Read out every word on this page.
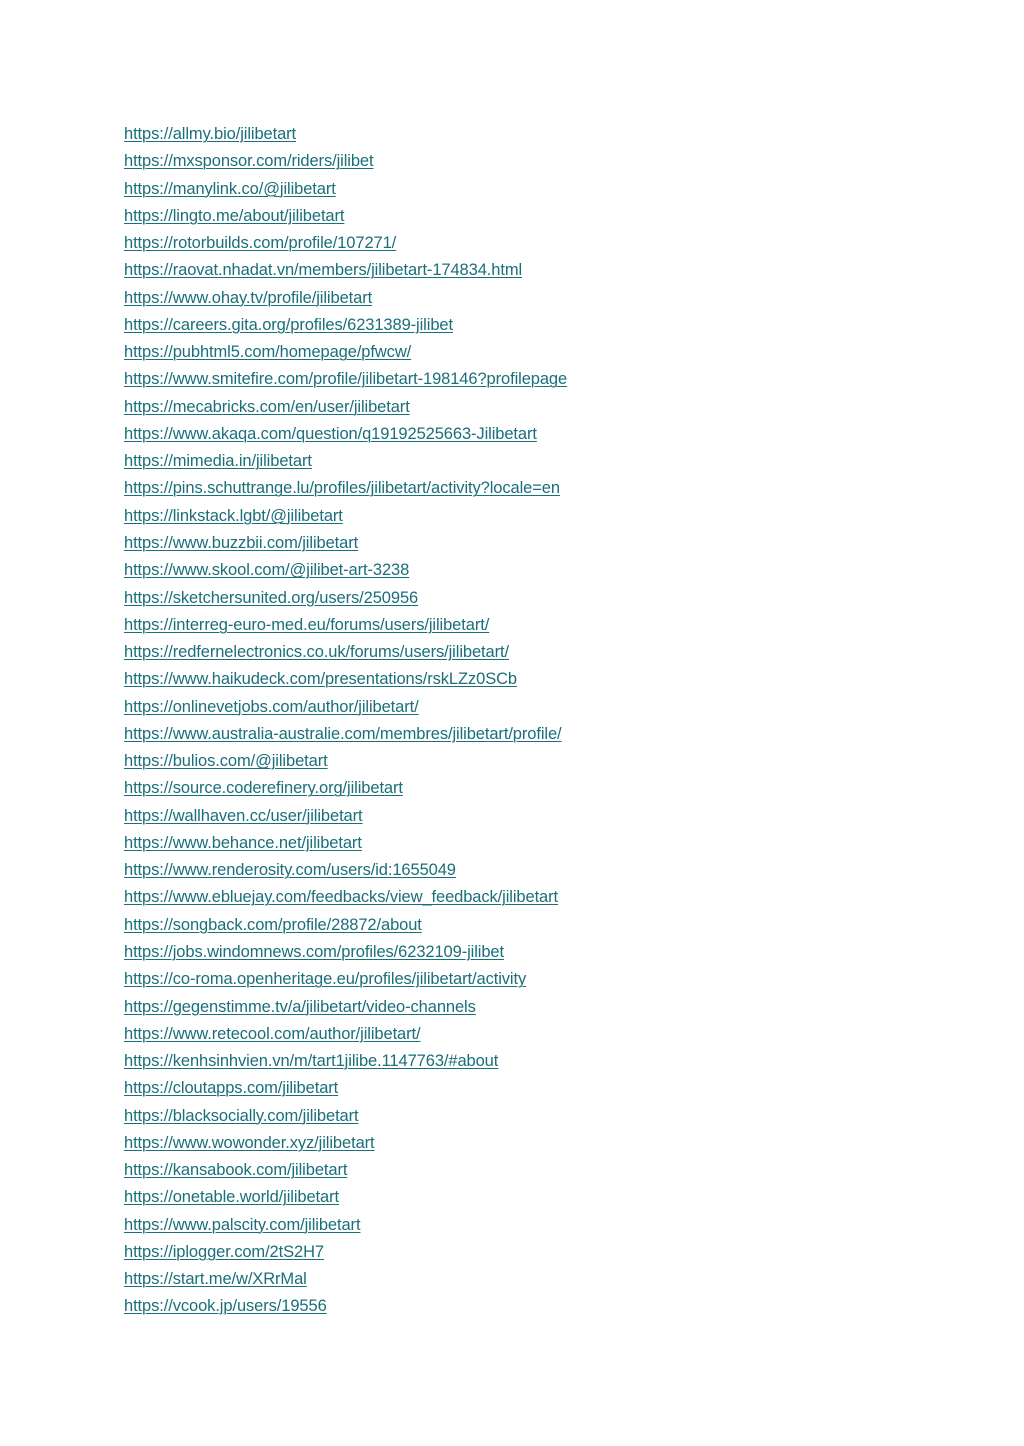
https://allmy.bio/jilibetart
https://mxsponsor.com/riders/jilibet
https://manylink.co/@jilibetart
https://lingto.me/about/jilibetart
https://rotorbuilds.com/profile/107271/
https://raovat.nhadat.vn/members/jilibetart-174834.html
https://www.ohay.tv/profile/jilibetart
https://careers.gita.org/profiles/6231389-jilibet
https://pubhtml5.com/homepage/pfwcw/
https://www.smitefire.com/profile/jilibetart-198146?profilepage
https://mecabricks.com/en/user/jilibetart
https://www.akaqa.com/question/q19192525663-Jilibetart
https://mimedia.in/jilibetart
https://pins.schuttrange.lu/profiles/jilibetart/activity?locale=en
https://linkstack.lgbt/@jilibetart
https://www.buzzbii.com/jilibetart
https://www.skool.com/@jilibet-art-3238
https://sketchersunited.org/users/250956
https://interreg-euro-med.eu/forums/users/jilibetart/
https://redfernelectronics.co.uk/forums/users/jilibetart/
https://www.haikudeck.com/presentations/rskLZz0SCb
https://onlinevetjobs.com/author/jilibetart/
https://www.australia-australie.com/membres/jilibetart/profile/
https://bulios.com/@jilibetart
https://source.coderefinery.org/jilibetart
https://wallhaven.cc/user/jilibetart
https://www.behance.net/jilibetart
https://www.renderosity.com/users/id:1655049
https://www.ebluejay.com/feedbacks/view_feedback/jilibetart
https://songback.com/profile/28872/about
https://jobs.windomnews.com/profiles/6232109-jilibet
https://co-roma.openheritage.eu/profiles/jilibetart/activity
https://gegenstimme.tv/a/jilibetart/video-channels
https://www.retecool.com/author/jilibetart/
https://kenhsinhvien.vn/m/tart1jilibe.1147763/#about
https://cloutapps.com/jilibetart
https://blacksocially.com/jilibetart
https://www.wowonder.xyz/jilibetart
https://kansabook.com/jilibetart
https://onetable.world/jilibetart
https://www.palscity.com/jilibetart
https://iplogger.com/2tS2H7
https://start.me/w/XRrMal
https://vcook.jp/users/19556
